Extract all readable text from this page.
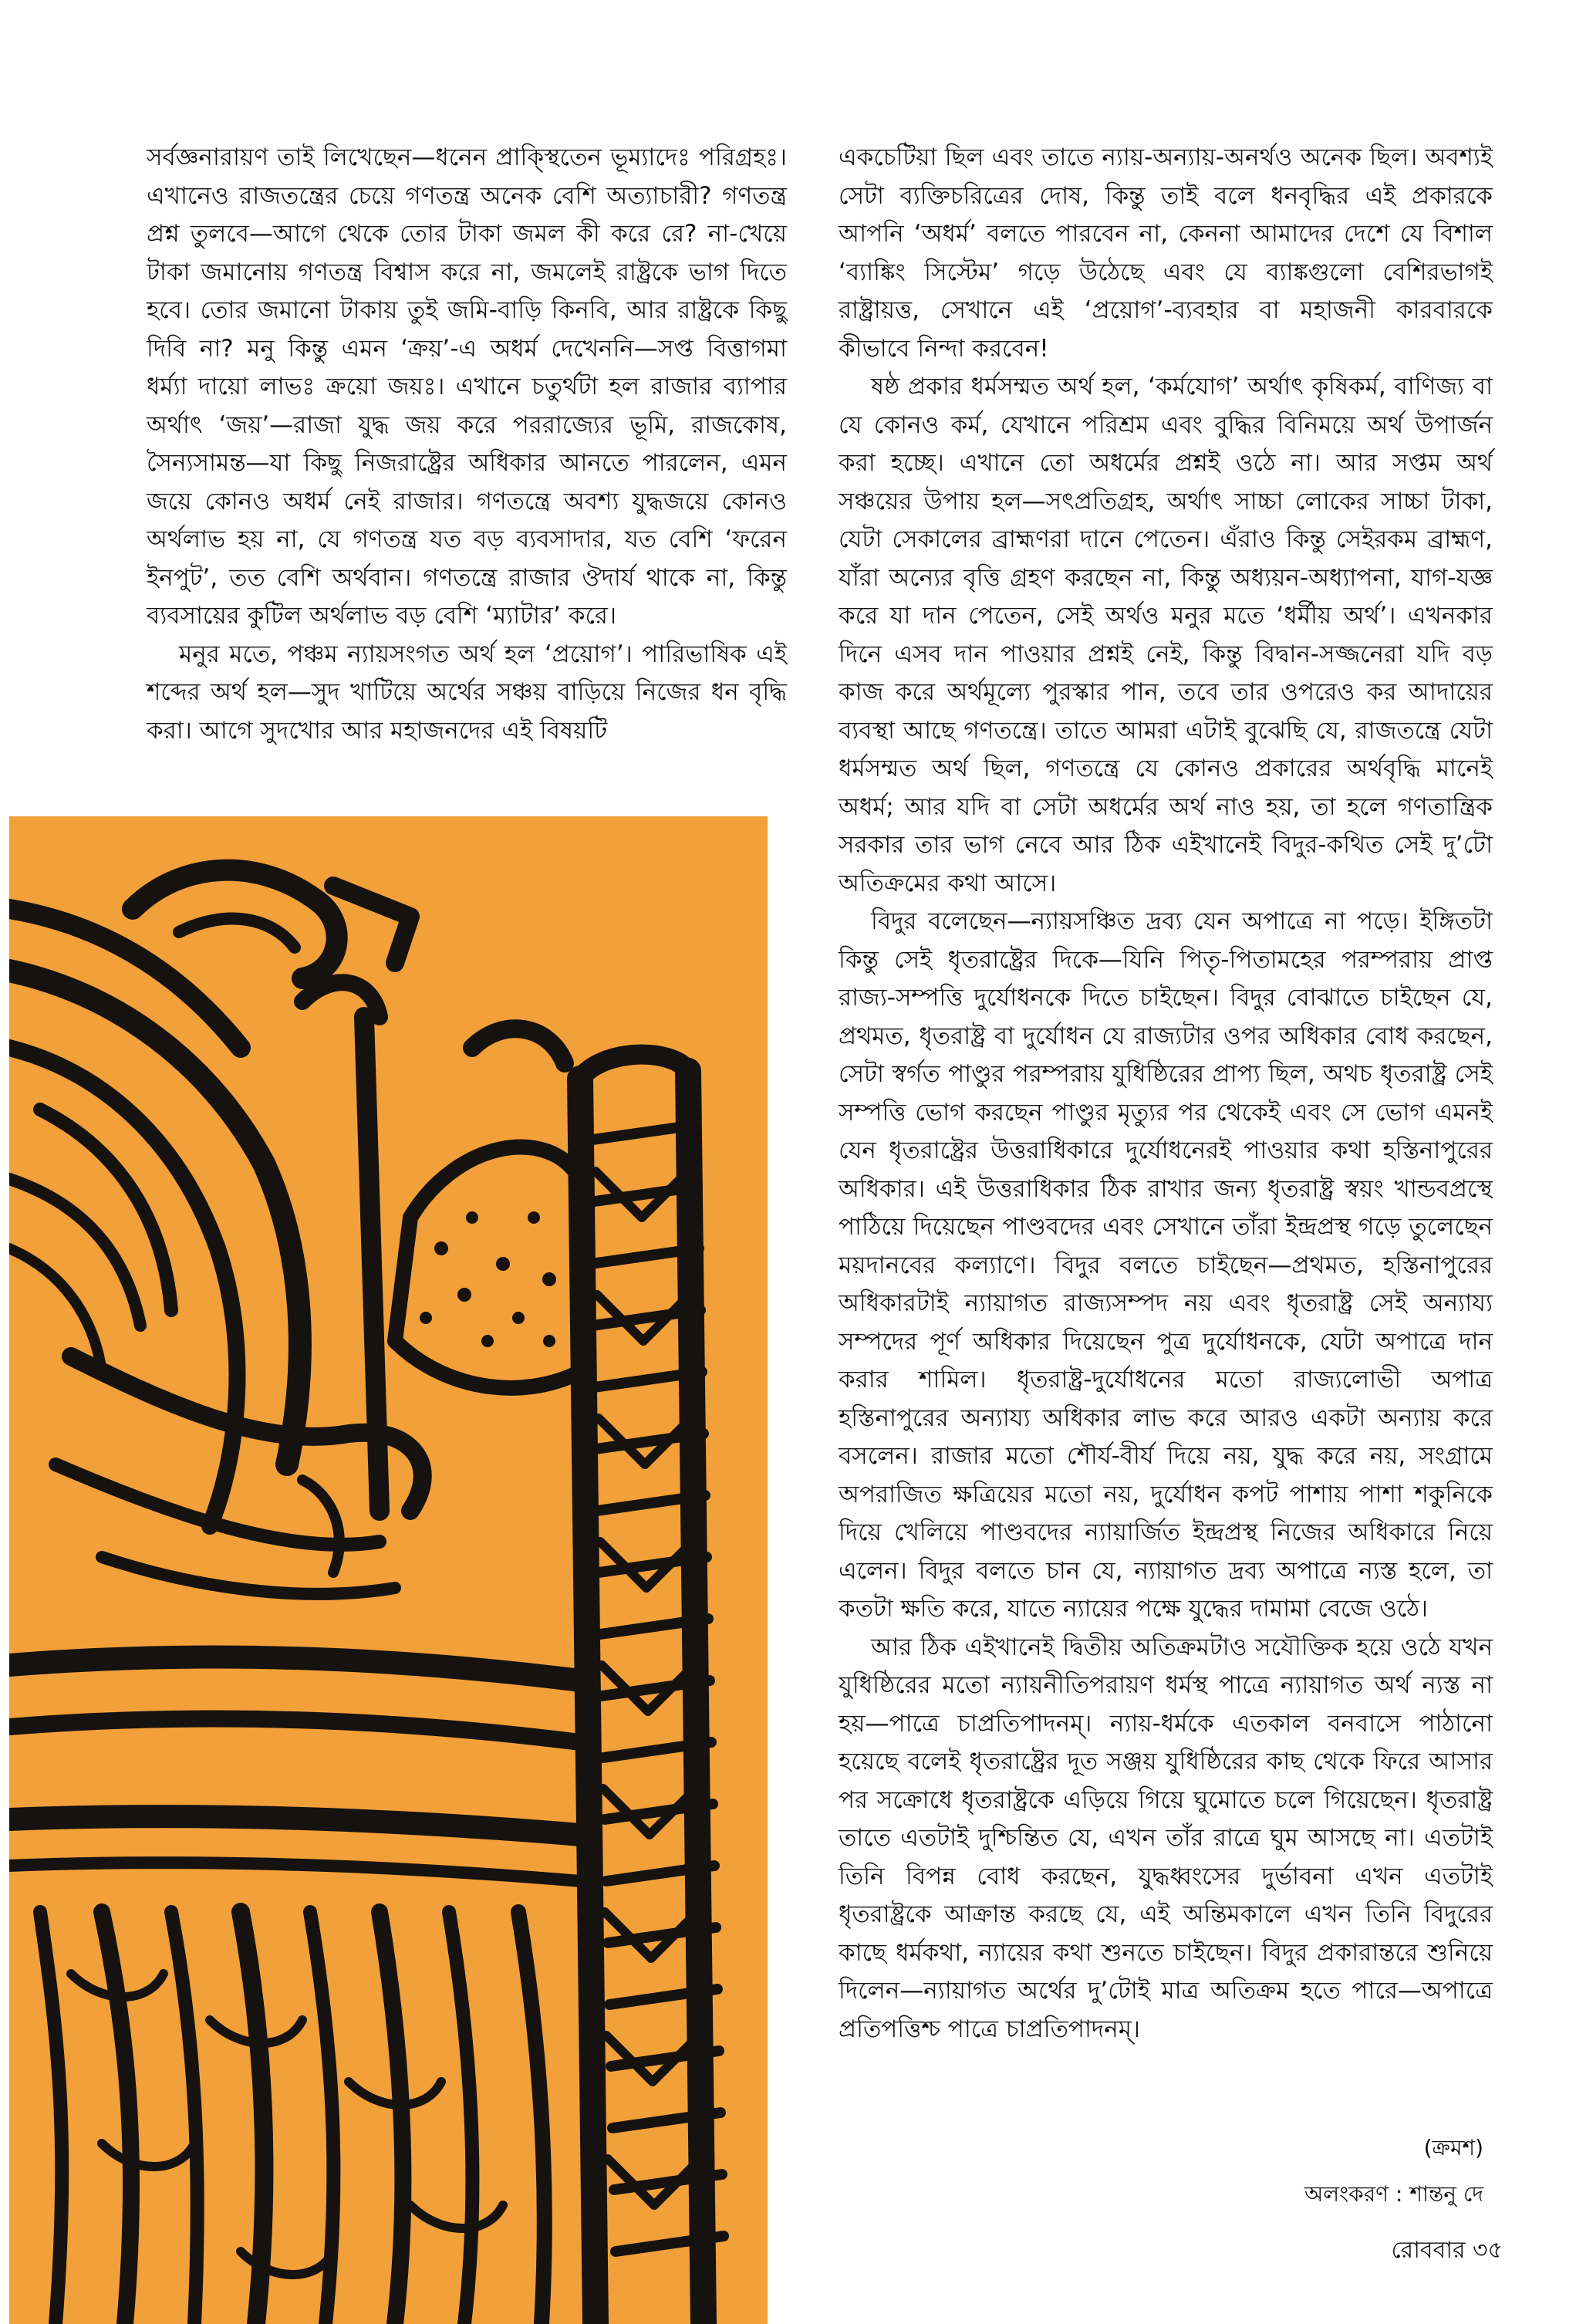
সর্বজ্ঞনারায়ণ তাই লিখেছেন—ধনেন প্রাক্স্থিতেন ভূম্যাদেঃ পরিগ্রহঃ। এখানেও রাজতন্ত্রের চেয়ে গণতন্ত্র অনেক বেশি অত্যাচারী? গণতন্ত্র প্রশ্ন তুলবে—আগে থেকে তোর টাকা জমল কী করে রে? না-খেয়ে টাকা জমানোয় গণতন্ত্র বিশ্বাস করে না, জমলেই রাষ্ট্রকে ভাগ দিতে হবে। তোর জমানো টাকায় তুই জমি-বাড়ি কিনবি, আর রাষ্ট্রকে কিছু দিবি না? মনু কিন্তু এমন ‘ক্রয়’-এ অধর্ম দেখেননি—সপ্ত বিত্তাগমা ধর্ম্যা দায়ো লাভঃ ক্রয়ো জয়ঃ। এখানে চতুর্থটা হল রাজার ব্যাপার অর্থাৎ ‘জয়’—রাজা যুদ্ধ জয় করে পররাজ্যের ভূমি, রাজকোষ, সৈন্যসামন্ত—যা কিছু নিজরাষ্ট্রের অধিকার আনতে পারলেন, এমন জয়ে কোনও অধর্ম নেই রাজার। গণতন্ত্রে অবশ্য যুদ্ধজয়ে কোনও অর্থলাভ হয় না, যে গণতন্ত্র যত বড় ব্যবসাদার, যত বেশি ‘ফরেন ইনপুট’, তত বেশি অর্থবান। গণতন্ত্রে রাজার ঔদার্য থাকে না, কিন্তু ব্যবসায়ের কুটিল অর্থলাভ বড় বেশি ‘ম্যাটার’ করে।

মনুর মতে, পঞ্চম ন্যায়সংগত অর্থ হল ‘প্রয়োগ’। পারিভাষিক এই শব্দের অর্থ হল—সুদ খাটিয়ে অর্থের সঞ্চয় বাড়িয়ে নিজের ধন বৃদ্ধি করা। আগে সুদখোর আর মহাজনদের এই বিষয়টি

একচেটিয়া ছিল এবং তাতে ন্যায়-অন্যায়-অনর্থও অনেক ছিল। অবশ্যই সেটা ব্যক্তিচরিত্রের দোষ, কিন্তু তাই বলে ধনবৃদ্ধির এই প্রকারকে আপনি ‘অধর্ম’ বলতে পারবেন না, কেননা আমাদের দেশে যে বিশাল ‘ব্যাঙ্কিং সিস্টেম’ গড়ে উঠেছে এবং যে ব্যাঙ্কগুলো বেশিরভাগই রাষ্ট্রায়ত্ত, সেখানে এই ‘প্রয়োগ’-ব্যবহার বা মহাজনী কারবারকে কীভাবে নিন্দা করবেন!

ষষ্ঠ প্রকার ধর্মসম্মত অর্থ হল, ‘কর্মযোগ’ অর্থাৎ কৃষিকর্ম, বাণিজ্য বা যে কোনও কর্ম, যেখানে পরিশ্রম এবং বুদ্ধির বিনিময়ে অর্থ উপার্জন করা হচ্ছে। এখানে তো অধর্মের প্রশ্নই ওঠে না। আর সপ্তম অর্থ সঞ্চয়ের উপায় হল—সৎপ্রতিগ্রহ, অর্থাৎ সাচ্চা লোকের সাচ্চা টাকা, যেটা সেকালের ব্রাহ্মণরা দানে পেতেন। এঁরাও কিন্তু সেইরকম ব্রাহ্মণ, যাঁরা অন্যের বৃত্তি গ্রহণ করছেন না, কিন্তু অধ্যয়ন-অধ্যাপনা, যাগ-যজ্ঞ করে যা দান পেতেন, সেই অর্থও মনুর মতে ‘ধর্মীয় অর্থ’। এখনকার দিনে এসব দান পাওয়ার প্রশ্নই নেই, কিন্তু বিদ্বান-সজ্জনেরা যদি বড় কাজ করে অর্থমূল্যে পুরস্কার পান, তবে তার ওপরেও কর আদায়ের ব্যবস্থা আছে গণতন্ত্রে। তাতে আমরা এটাই বুঝেছি যে, রাজতন্ত্রে যেটা ধর্মসম্মত অর্থ ছিল, গণতন্ত্রে যে কোনও প্রকারের অর্থবৃদ্ধি মানেই অধর্ম; আর যদি বা সেটা অধর্মের অর্থ নাও হয়, তা হলে গণতান্ত্রিক সরকার তার ভাগ নেবে আর ঠিক এইখানেই বিদুর-কথিত সেই দু’টো অতিক্রমের কথা আসে।

বিদুর বলেছেন—ন্যায়সঞ্চিত দ্রব্য যেন অপাত্রে না পড়ে। ইঙ্গিতটা কিন্তু সেই ধৃতরাষ্ট্রের দিকে—যিনি পিতৃ-পিতামহের পরম্পরায় প্রাপ্ত রাজ্য-সম্পত্তি দুর্যোধনকে দিতে চাইছেন। বিদুর বোঝাতে চাইছেন যে, প্রথমত, ধৃতরাষ্ট্র বা দুর্যোধন যে রাজ্যটার ওপর অধিকার বোধ করছেন, সেটা স্বর্গত পাণ্ডুর পরম্পরায় যুধিষ্ঠিরের প্রাপ্য ছিল, অথচ ধৃতরাষ্ট্র সেই সম্পত্তি ভোগ করছেন পাণ্ডুর মৃত্যুর পর থেকেই এবং সে ভোগ এমনই যেন ধৃতরাষ্ট্রের উত্তরাধিকারে দুর্যোধনেরই পাওয়ার কথা হস্তিনাপুরের অধিকার। এই উত্তরাধিকার ঠিক রাখার জন্য ধৃতরাষ্ট্র স্বয়ং খান্ডবপ্রস্থে পাঠিয়ে দিয়েছেন পাণ্ডবদের এবং সেখানে তাঁরা ইন্দ্রপ্রস্থ গড়ে তুলেছেন ময়দানবের কল্যাণে। বিদুর বলতে চাইছেন—প্রথমত, হস্তিনাপুরের অধিকারটাই ন্যায়াগত রাজ্যসম্পদ নয় এবং ধৃতরাষ্ট্র সেই অন্যায্য সম্পদের পূর্ণ অধিকার দিয়েছেন পুত্র দুর্যোধনকে, যেটা অপাত্রে দান করার শামিল। ধৃতরাষ্ট্র-দুর্যোধনের মতো রাজ্যলোভী অপাত্র হস্তিনাপুরের অন্যায্য অধিকার লাভ করে আরও একটা অন্যায় করে বসলেন। রাজার মতো শৌর্য-বীর্য দিয়ে নয়, যুদ্ধ করে নয়, সংগ্রামে অপরাজিত ক্ষত্রিয়ের মতো নয়, দুর্যোধন কপট পাশায় পাশা শকুনিকে দিয়ে খেলিয়ে পাণ্ডবদের ন্যায়ার্জিত ইন্দ্রপ্রস্থ নিজের অধিকারে নিয়ে এলেন। বিদুর বলতে চান যে, ন্যায়াগত দ্রব্য অপাত্রে ন্যস্ত হলে, তা কতটা ক্ষতি করে, যাতে ন্যায়ের পক্ষে যুদ্ধের দামামা বেজে ওঠে।

আর ঠিক এইখানেই দ্বিতীয় অতিক্রমটাও সযৌক্তিক হয়ে ওঠে যখন যুধিষ্ঠিরের মতো ন্যায়নীতিপরায়ণ ধর্মস্থ পাত্রে ন্যায়াগত অর্থ ন্যস্ত না হয়—পাত্রে চাপ্রতিপাদনম্। ন্যায়-ধর্মকে এতকাল বনবাসে পাঠানো হয়েছে বলেই ধৃতরাষ্ট্রের দূত সঞ্জয় যুধিষ্ঠিরের কাছ থেকে ফিরে আসার পর সক্রোধে ধৃতরাষ্ট্রকে এড়িয়ে গিয়ে ঘুমোতে চলে গিয়েছেন। ধৃতরাষ্ট্র তাতে এতটাই দুশ্চিন্তিত যে, এখন তাঁর রাত্রে ঘুম আসছে না। এতটাই তিনি বিপন্ন বোধ করছেন, যুদ্ধধ্বংসের দুর্ভাবনা এখন এতটাই ধৃতরাষ্ট্রকে আক্রান্ত করছে যে, এই অন্তিমকালে এখন তিনি বিদুরের কাছে ধর্মকথা, ন্যায়ের কথা শুনতে চাইছেন। বিদুর প্রকারান্তরে শুনিয়ে দিলেন—ন্যায়াগত অর্থের দু’টোই মাত্র অতিক্রম হতে পারে—অপাত্রে প্রতিপত্তিশ্চ পাত্রে চাপ্রতিপাদনম্।

(ক্রমশ)
অলংকরণ : শান্তনু দে
রোববার ৩৫
